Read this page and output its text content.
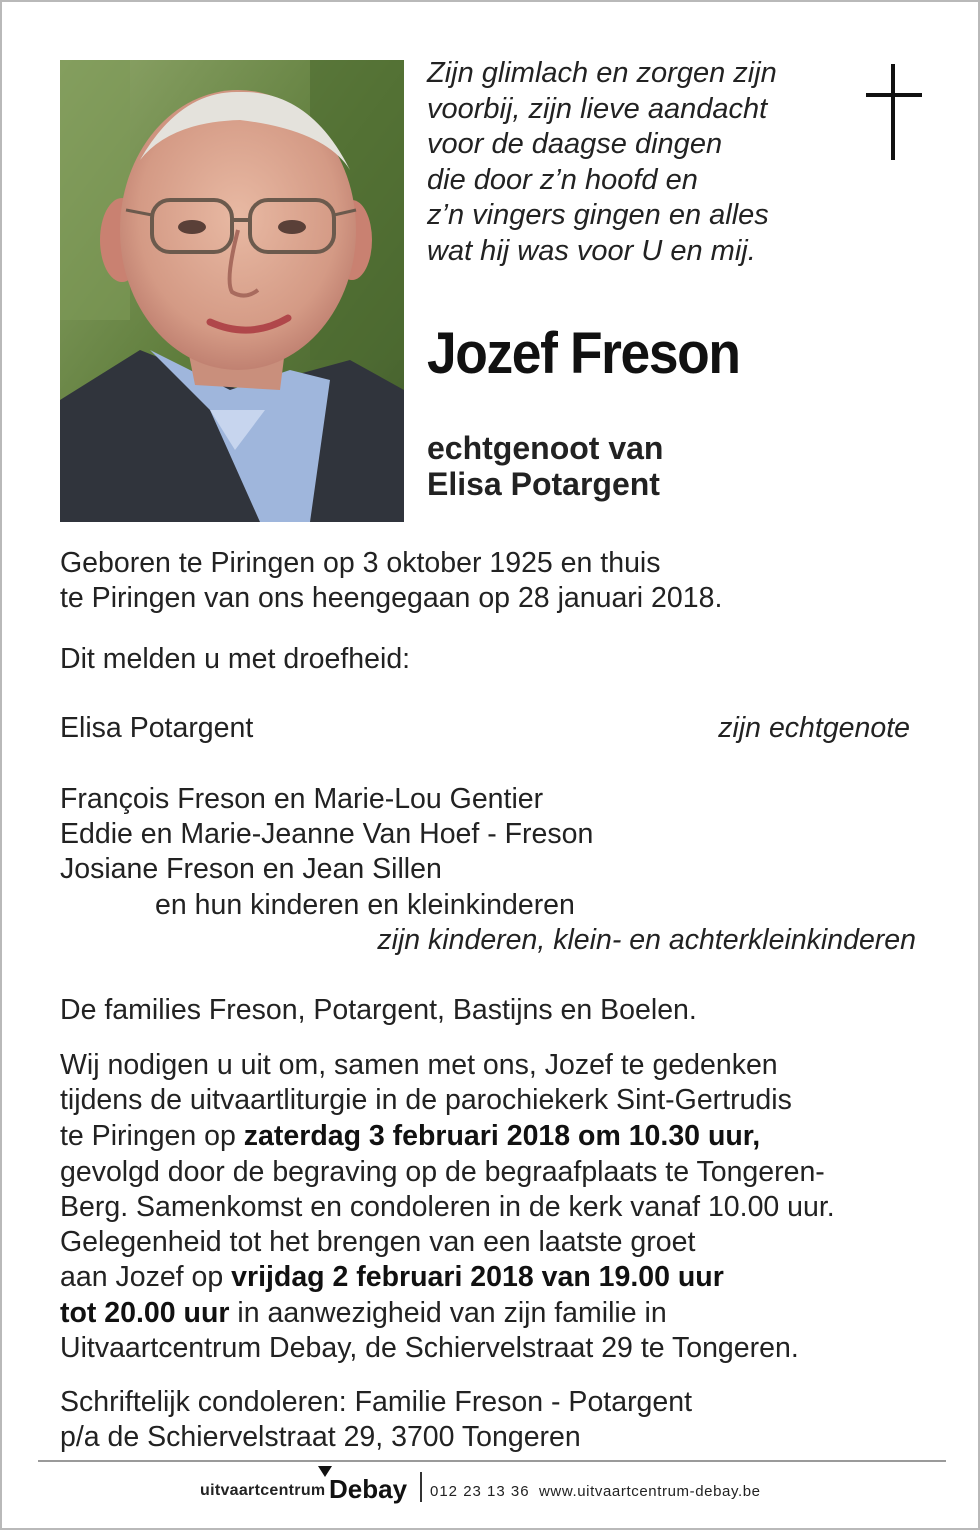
Zijn glimlach en zorgen zijn
voorbij, zijn lieve aandacht
voor de daagse dingen
die door z’n hoofd en
z’n vingers gingen en alles
wat hij was voor U en mij.
Jozef Freson
echtgenoot van
Elisa Potargent
Geboren te Piringen op 3 oktober 1925 en thuis
te Piringen van ons heengegaan op 28 januari 2018.
Dit melden u met droefheid:
Elisa Potargent	zijn echtgenote
François Freson en Marie-Lou Gentier
Eddie en Marie-Jeanne Van Hoef - Freson
Josiane Freson en Jean Sillen
en hun kinderen en kleinkinderen
zijn kinderen, klein- en achterkleinkinderen
De families Freson, Potargent, Bastijns en Boelen.
Wij nodigen u uit om, samen met ons, Jozef te gedenken
tijdens de uitvaartliturgie in de parochiekerk Sint-Gertrudis
te Piringen op zaterdag 3 februari 2018 om 10.30 uur,
gevolgd door de begraving op de begraafplaats te Tongeren-
Berg. Samenkomst en condoleren in de kerk vanaf 10.00 uur.
Gelegenheid tot het brengen van een laatste groet
aan Jozef op vrijdag 2 februari 2018 van 19.00 uur
tot 20.00 uur in aanwezigheid van zijn familie in
Uitvaartcentrum Debay, de Schiervelstraat 29 te Tongeren.
Schriftelijk condoleren: Familie Freson - Potargent
p/a de Schiervelstraat 29, 3700 Tongeren
uitvaartcentrum Debay 012 23 13 36 www.uitvaartcentrum-debay.be
